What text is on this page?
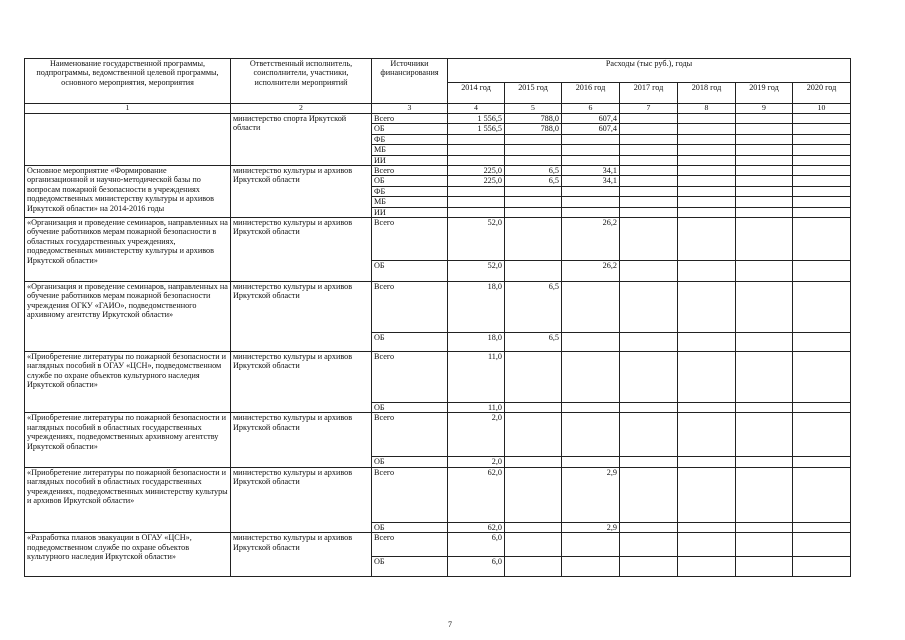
Наименование государственной программы, подпрограммы, ведомственной целевой программы, основного мероприятия, мероприятия	Ответственный исполнитель, соисполнители, участники, исполнители мероприятий	Источники финансирования	Расходы (тыс руб.), годы						
			2014 год	2015 год	2016 год	2017 год	2018 год	2019 год	2020 год
1	2	3	4	5	6	7	8	9	10
	министерство спорта Иркутской области	Всего	1 556,5	788,0	607,4				
		ОБ	1 556,5	788,0	607,4				
		ФБ							
		МБ							
		ИИ							
Основное мероприятие «Формирование организационной и научно-методической базы по вопросам пожарной безопасности в учреждениях подведомственных министерству культуры и архивов Иркутской области» на 2014-2016 годы	министерство культуры и архивов Иркутской области	Всего	225,0	6,5	34,1				
		ОБ	225,0	6,5	34,1				
		ФБ							
		МБ							
		ИИ							
«Организация и проведение семинаров, направленных на обучение работников мерам пожарной безопасности в областных государственных учреждениях, подведомственных министерству культуры и архивов Иркутской области»	министерство культуры и архивов Иркутской области	Всего	52,0		26,2				
		ОБ	52,0		26,2				
«Организация и проведение семинаров, направленных на обучение работников мерам пожарной безопасности учреждения ОГКУ «ГАИО», подведомственного архивному агентству Иркутской области»	министерство культуры и архивов Иркутской области	Всего	18,0	6,5					
		ОБ	18,0	6,5					
«Приобретение литературы по пожарной безопасности и наглядных пособий в ОГАУ «ЦСН», подведомственном службе по охране объектов культурного наследия Иркутской области»	министерство культуры и архивов Иркутской области	Всего	11,0						
		ОБ	11,0						
«Приобретение литературы по пожарной безопасности и наглядных пособий в областных государственных учреждениях, подведомственных архивному агентству Иркутской области»	министерство культуры и архивов Иркутской области	Всего	2,0						
		ОБ	2,0						
«Приобретение литературы по пожарной безопасности и наглядных пособий в областных государственных учреждениях, подведомственных министерству культуры и архивов Иркутской области»	министерство культуры и архивов Иркутской области	Всего	62,0		2,9				
		ОБ	62,0		2,9				
«Разработка планов эвакуации в ОГАУ «ЦСН», подведомственном службе по охране объектов культурного наследия Иркутской области»	министерство культуры и архивов Иркутской области	Всего	6,0						
		ОБ	6,0						
7
